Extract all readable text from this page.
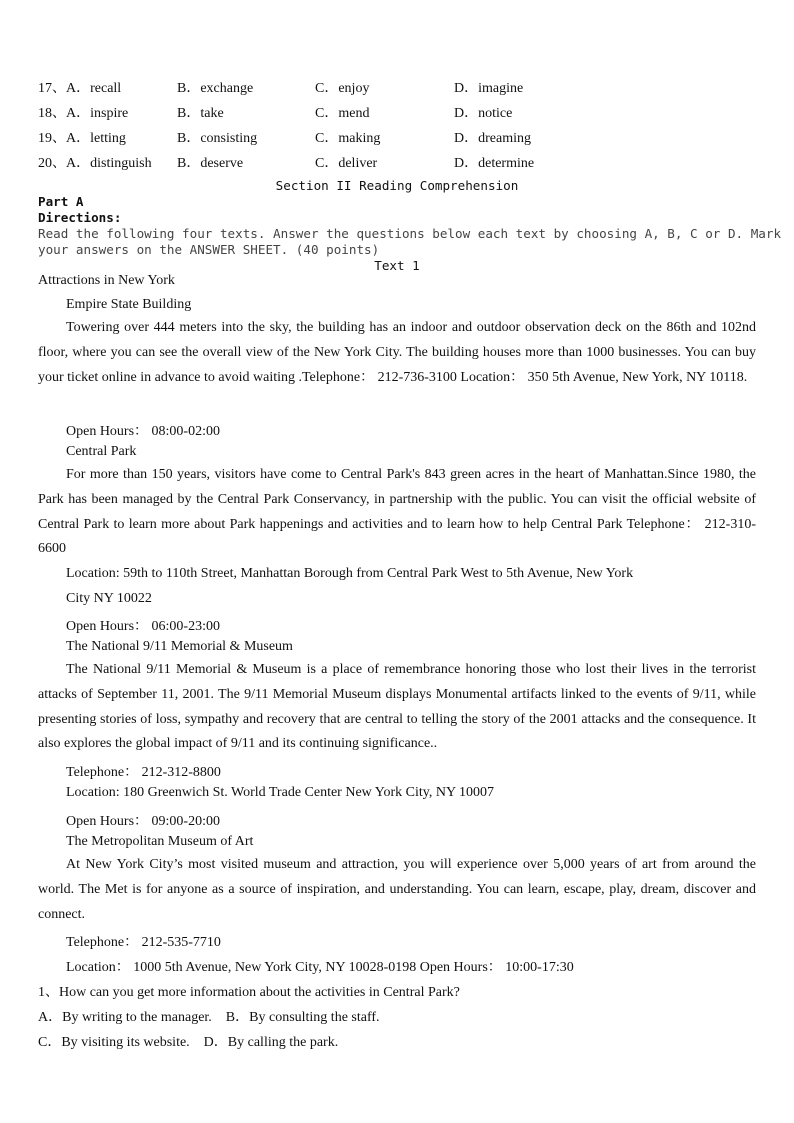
17、A．recall	B．exchange	C．enjoy	D．imagine
18、A．inspire	B．take	C．mend	D．notice
19、A．letting	B．consisting	C．making	D．dreaming
20、A．distinguish B．deserve	C．deliver	D．determine
Section II Reading Comprehension
Part A
Directions:
Read the following four texts. Answer the questions below each text by choosing A, B, C or D. Mark
your answers on the ANSWER SHEET. (40 points)
Text 1
Attractions in New York
Empire State Building
Towering over 444 meters into the sky, the building has an indoor and outdoor observation deck on the 86th and 102nd floor, where you can see the overall view of the New York City. The building houses more than 1000 businesses. You can buy your ticket online in advance to avoid waiting .Telephone： 212-736-3100 Location： 350 5th Avenue, New York, NY 10118.
Open Hours： 08:00-02:00
Central Park
For more than 150 years, visitors have come to Central Park's 843 green acres in the heart of Manhattan.Since 1980, the Park has been managed by the Central Park Conservancy, in partnership with the public. You can visit the official website of Central Park to learn more about Park happenings and activities and to learn how to help Central Park Telephone： 212-310-6600
Location: 59th to 110th Street, Manhattan Borough from Central Park West to 5th Avenue, New York
City NY 10022
Open Hours： 06:00-23:00
The National 9/11 Memorial & Museum
The National 9/11 Memorial & Museum is a place of remembrance honoring those who lost their lives in the terrorist attacks of September 11, 2001. The 9/11 Memorial Museum displays Monumental artifacts linked to the events of 9/11, while presenting stories of loss, sympathy and recovery that are central to telling the story of the 2001 attacks and the consequence. It also explores the global impact of 9/11 and its continuing significance..
Telephone： 212-312-8800
Location: 180 Greenwich St. World Trade Center New York City, NY 10007
Open Hours： 09:00-20:00
The Metropolitan Museum of Art
At New York City’s most visited museum and attraction, you will experience over 5,000 years of art from around the world. The Met is for anyone as a source of inspiration, and understanding. You can learn, escape, play, dream, discover and connect.
Telephone： 212-535-7710
Location： 1000 5th Avenue, New York City, NY 10028-0198 Open Hours： 10:00-17:30
1、How can you get more information about the activities in Central Park?
A．By writing to the manager.    B．By consulting the staff.
C．By visiting its website.    D．By calling the park.
